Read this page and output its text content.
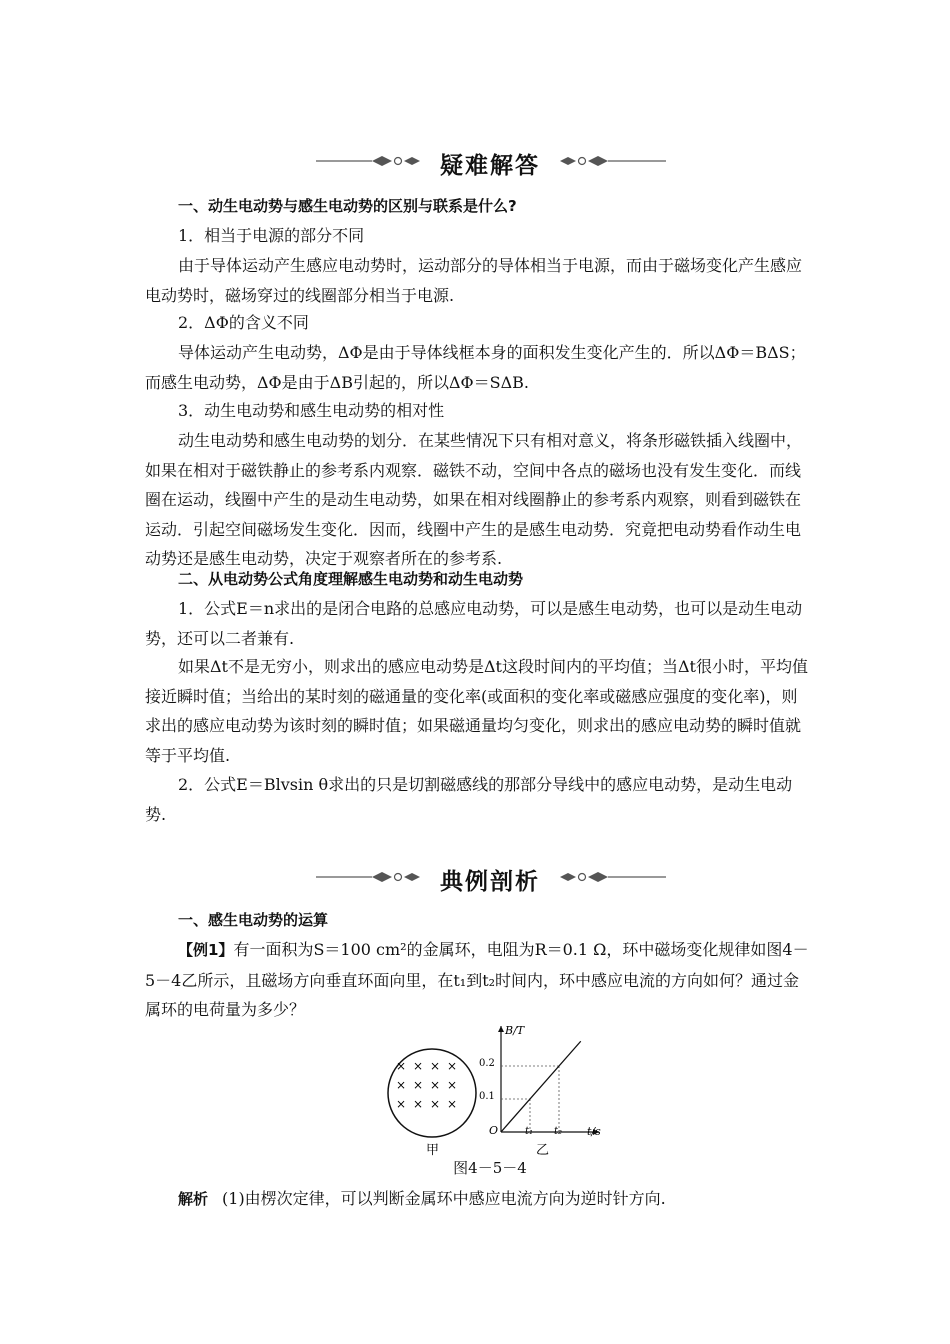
疑难解答
一、动生电动势与感生电动势的区别与联系是什么?
1．相当于电源的部分不同
由于导体运动产生感应电动势时，运动部分的导体相当于电源，而由于磁场变化产生感应电动势时，磁场穿过的线圈部分相当于电源.
2．ΔΦ的含义不同
导体运动产生电动势，ΔΦ是由于导体线框本身的面积发生变化产生的．所以ΔΦ＝BΔS；而感生电动势，ΔΦ是由于ΔB引起的，所以ΔΦ＝SΔB.
3．动生电动势和感生电动势的相对性
动生电动势和感生电动势的划分．在某些情况下只有相对意义，将条形磁铁插入线圈中，如果在相对于磁铁静止的参考系内观察．磁铁不动，空间中各点的磁场也没有发生变化．而线圈在运动，线圈中产生的是动生电动势，如果在相对线圈静止的参考系内观察，则看到磁铁在运动．引起空间磁场发生变化．因而，线圈中产生的是感生电动势．究竟把电动势看作动生电动势还是感生电动势，决定于观察者所在的参考系.
二、从电动势公式角度理解感生电动势和动生电动势
1．公式E＝n求出的是闭合电路的总感应电动势，可以是感生电动势，也可以是动生电动势，还可以二者兼有.
如果Δt不是无穷小，则求出的感应电动势是Δt这段时间内的平均值；当Δt很小时，平均值接近瞬时值；当给出的某时刻的磁通量的变化率(或面积的变化率或磁感应强度的变化率)，则求出的感应电动势为该时刻的瞬时值；如果磁通量均匀变化，则求出的感应电动势的瞬时值就等于平均值.
2．公式E＝Blvsin θ求出的只是切割磁感线的那部分导线中的感应电动势，是动生电动势.
典例剖析
一、感生电动势的运算
【例1】有一面积为S＝100 cm²的金属环，电阻为R＝0.1 Ω，环中磁场变化规律如图4－5－4乙所示，且磁场方向垂直环面向里，在t₁到t₂时间内，环中感应电流的方向如何？通过金属环的电荷量为多少？
× × × ×
× × × ×
× × × ×
甲
B/T
t/s
O
0.1
0.2
t₁ t₂
乙
图4－5－4
解析 (1)由楞次定律，可以判断金属环中感应电流方向为逆时针方向.
